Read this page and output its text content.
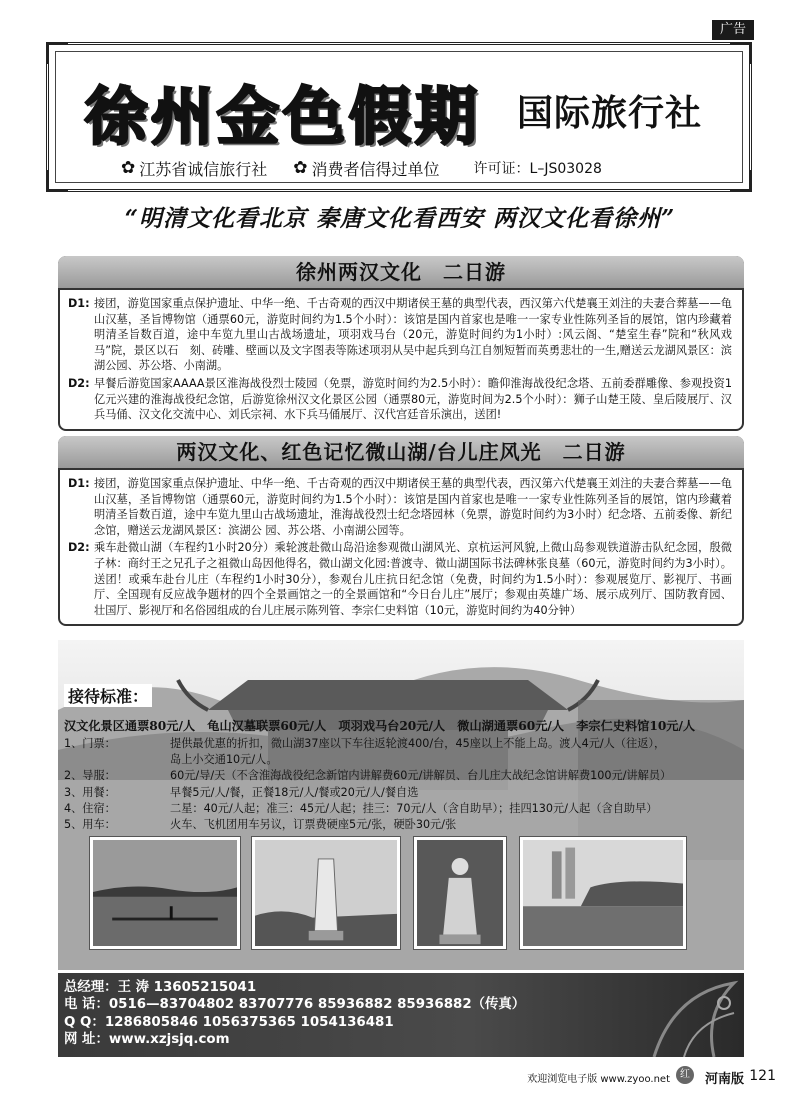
广告
徐州金色假期 国际旅行社
✿ 江苏省诚信旅行社 ✿ 消费者信得过单位 许可证：L–JS03028
“明清文化看北京 秦唐文化看西安 两汉文化看徐州”
徐州两汉文化　二日游
D1: 接团，游览国家重点保护遗址、中华一绝、千古奇观的西汉中期诸侯王墓的典型代表，西汉第六代楚襄王刘注的夫妻合葬墓——龟山汉墓，圣旨博物馆（通票60元，游览时间约为1.5个小时）：该馆是国内首家也是唯一一家专业性陈列圣旨的展馆，馆内珍藏着明清圣旨数百道，途中车览九里山古战场遗址，项羽戏马台（20元，游览时间约为1小时）:风云阁、“楚室生春”院和“秋风戏马”院，景区以石　刻、砖雕、壁画以及文字图表等陈述项羽从吴中起兵到乌江自刎短暂而英勇悲壮的一生,赠送云龙湖风景区：滨湖公园、苏公塔、小南湖。
D2: 早餐后游览国家AAAA景区淮海战役烈士陵园（免票，游览时间约为2.5小时）：瞻仰淮海战役纪念塔、五前委群雕像、参观投资1亿元兴建的淮海战役纪念馆，后游览徐州汉文化景区公园（通票80元，游览时间为2.5个小时）：狮子山楚王陵、皇后陵展厅、汉兵马俑、汉文化交流中心、刘氏宗祠、水下兵马俑展厅、汉代宫廷音乐演出，送团!
两汉文化、红色记忆微山湖/台儿庄风光　二日游
D1: 接团，游览国家重点保护遗址、中华一绝、千古奇观的西汉中期诸侯王墓的典型代表，西汉第六代楚襄王刘注的夫妻合葬墓——龟山汉墓，圣旨博物馆（通票60元，游览时间约为1.5个小时）：该馆是国内首家也是唯一一家专业性陈列圣旨的展馆，馆内珍藏着明清圣旨数百道，途中车览九里山古战场遗址，淮海战役烈士纪念塔园林（免票，游览时间约为3小时）纪念塔、五前委像、新纪念馆，赠送云龙湖风景区：滨湖公 园、苏公塔、小南湖公园等。
D2: 乘车赴微山湖（车程约1小时20分）乘轮渡赴微山岛沿途参观微山湖风光、京杭运河风貌,上微山岛参观铁道游击队纪念园，殷微子林：商纣王之兄孔子之祖微山岛因他得名，微山湖文化园:普渡寺、微山湖国际书法碑林张良墓（60元，游览时间约为3小时）。送团！或乘车赴台儿庄（车程约1小时30分），参观台儿庄抗日纪念馆（免费，时间约为1.5小时）：参观展览厅、影视厅、书画厅、全国现有反应战争题材的四个全景画馆之一的全景画馆和“今日台儿庄”展厅；参观由英雄广场、展示成列厅、国防教育园、壮国厅、影视厅和名俗园组成的台儿庄展示陈列管、李宗仁史料馆（10元，游览时间约为40分钟）
接待标准：
汉文化景区通票80元/人　龟山汉墓联票60元/人　项羽戏马台20元/人　微山湖通票60元/人　李宗仁史料馆10元/人
1、门票：	提供最优惠的折扣，微山湖37座以下车往返轮渡400/台，45座以上不能上岛。渡人4元/人（往返），
岛上小交通10元/人。
2、导服：	60元/导/天（不含淮海战役纪念新馆内讲解费60元/讲解员、台儿庄大战纪念馆讲解费100元/讲解员）
3、用餐：	早餐5元/人/餐，正餐18元/人/餐或20元/人/餐自选
4、住宿：	二星：40元/人起；准三：45元/人起；挂三：70元/人（含自助早）；挂四130元/人起（含自助早）
5、用车：	火车、飞机团用车另议，订票费硬座5元/张，硬卧30元/张
总经理： 王 涛 13605215041
电 话： 0516—83704802 83707776 85936882 85936882（传真）
Q Q： 1286805846 1056375365 1054136481
网 址： www.xzjsjq.com
欢迎浏览电子版 www.zyoo.net	红	河南版 121
